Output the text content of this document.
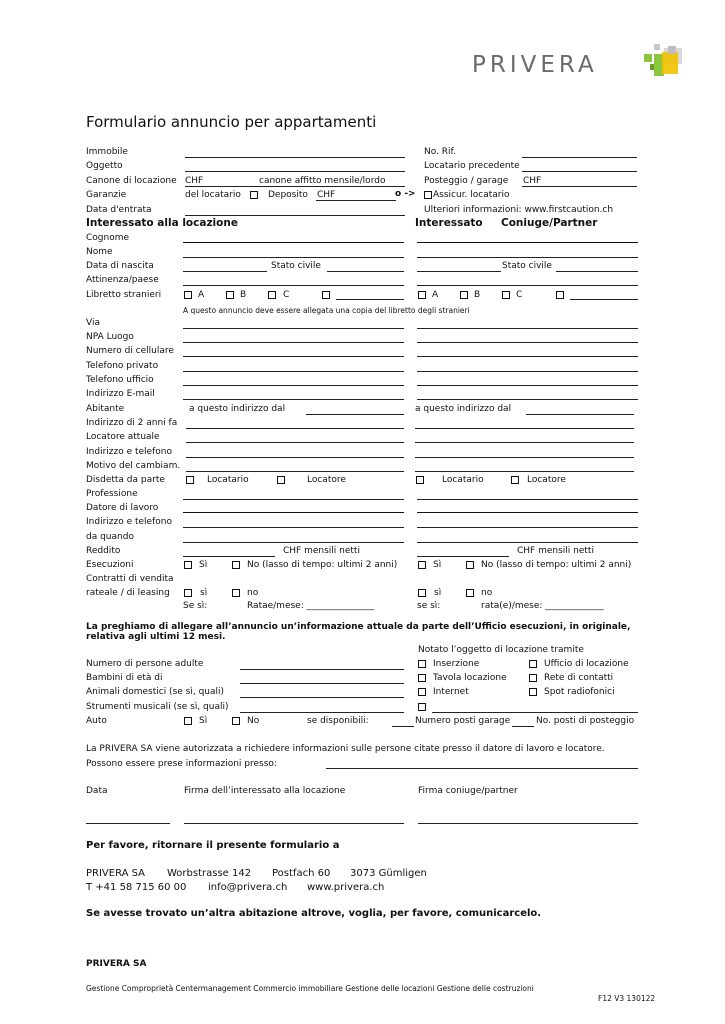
PRIVERA
Formulario annuncio per appartamenti
Immobile
Oggetto
Canone di locazione CHF	canone affitto mensile/lordo
Garanzie	del locatario	Deposito CHF	o -> Assicur. locatario
Data d'entrata
No. Rif.
Locatario precedente
Posteggio / garage CHF
Ulteriori informazioni: www.firstcaution.ch
Interessato alla locazione	Interessato Coniuge/Partner
Cognome
Nome
Data di nascita	Stato civile	Stato civile
Attinenza/paese
Libretto stranieri	A	B	C	A	B	C
A questo annuncio deve essere allegata una copia del libretto degli stranieri
Via
NPA Luogo
Numero di cellulare
Telefono privato
Telefono ufficio
Indirizzo E-mail
Abitante	a questo indirizzo dal	a questo indirizzo dal
Indirizzo di 2 anni fa
Locatore attuale
Indirizzo e telefono
Motivo del cambiam.
Disdetta da parte	Locatario	Locatore	Locatario	Locatore
Professione
Datore di lavoro
Indirizzo e telefono
da quando
Reddito	CHF mensili netti	CHF mensili netti
Esecuzioni	Sì	No (lasso di tempo: ultimi 2 anni)	Sì	No (lasso di tempo: ultimi 2 anni)
Contratti di vendita
rateale / di leasing	sì	no	sì	no
Se sì:	Ratae/mese: _______________	se sì:	rata(e)/mese: _____________
La preghiamo di allegare all’annuncio un’informazione attuale da parte dell’Ufficio esecuzioni, in originale, relativa agli ultimi 12 mesi.
Notato l’oggetto di locazione tramite
Numero di persone adulte	Inserzione	Ufficio di locazione
Bambini di età di	Tavola locazione	Rete di contatti
Animali domestici (se sì, quali)	Internet	Spot radiofonici
Strumenti musicali (se sì, quali)
Auto	Sì	No	se disponibili:	Numero posti garage	No. posti di posteggio
La PRIVERA SA viene autorizzata a richiedere informazioni sulle persone citate presso il datore di lavoro e locatore.
Possono essere prese informazioni presso:
Data	Firma dell’interessato alla locazione	Firma coniuge/partner
Per favore, ritornare il presente formulario a
PRIVERA SA Worbstrasse 142 Postfach 60 3073 Gümligen
T +41 58 715 60 00 info@privera.ch www.privera.ch
Se avesse trovato un’altra abitazione altrove, voglia, per favore, comunicarcelo.
PRIVERA SA
Gestione Comproprietà Centermanagement Commercio immobiliare Gestione delle locazioni Gestione delle costruzioni
F12 V3 130122
